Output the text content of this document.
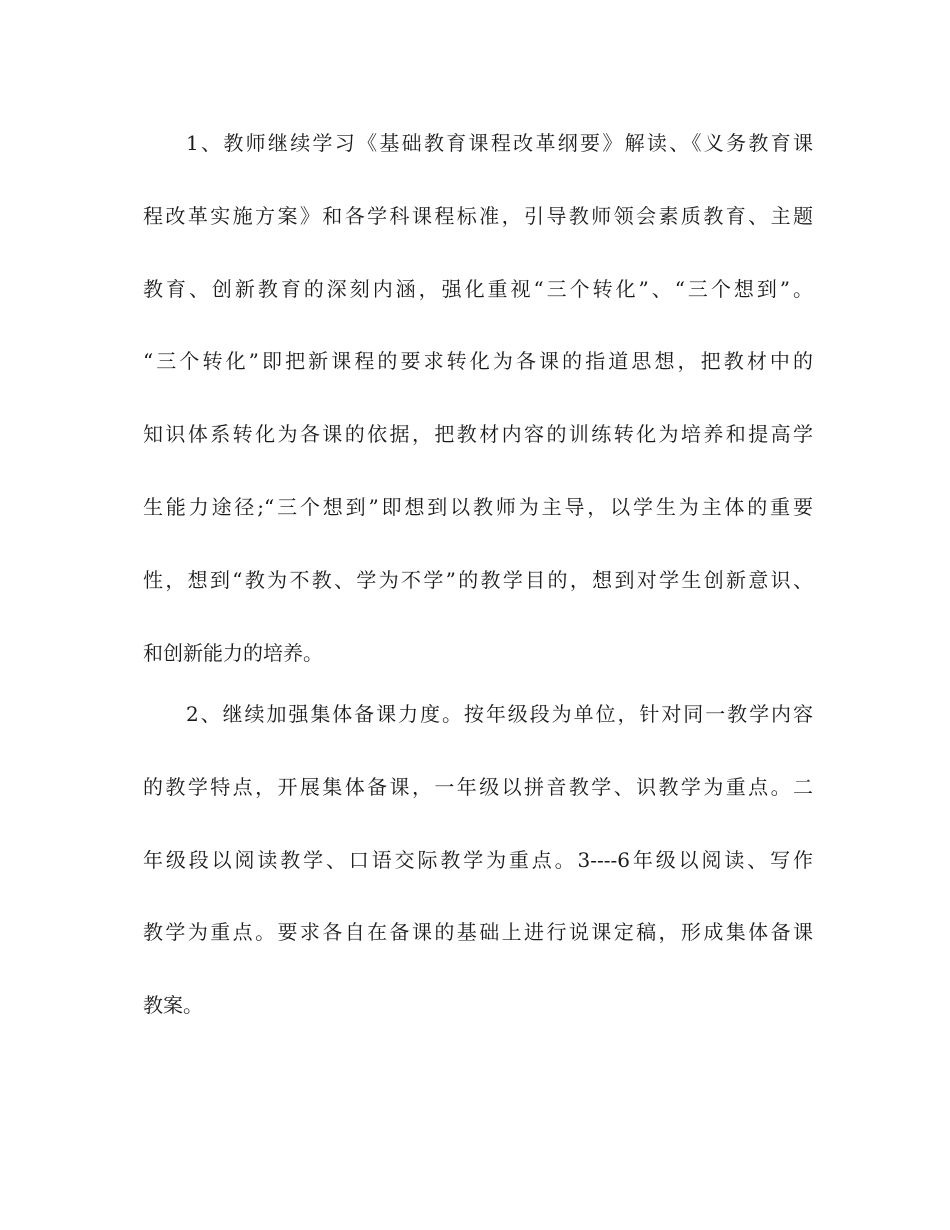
1、教师继续学习《基础教育课程改革纲要》解读、《义务教育课
程改革实施方案》和各学科课程标准，引导教师领会素质教育、主题
教育、创新教育的深刻内涵，强化重视“三个转化”、“三个想到”。
“三个转化”即把新课程的要求转化为各课的指道思想，把教材中的
知识体系转化为各课的依据，把教材内容的训练转化为培养和提高学
生能力途径;“三个想到”即想到以教师为主导，以学生为主体的重要
性，想到“教为不教、学为不学”的教学目的，想到对学生创新意识、
和创新能力的培养。
2、继续加强集体备课力度。按年级段为单位，针对同一教学内容
的教学特点，开展集体备课，一年级以拼音教学、识教学为重点。二
年级段以阅读教学、口语交际教学为重点。3----6年级以阅读、写作
教学为重点。要求各自在备课的基础上进行说课定稿，形成集体备课
教案。
